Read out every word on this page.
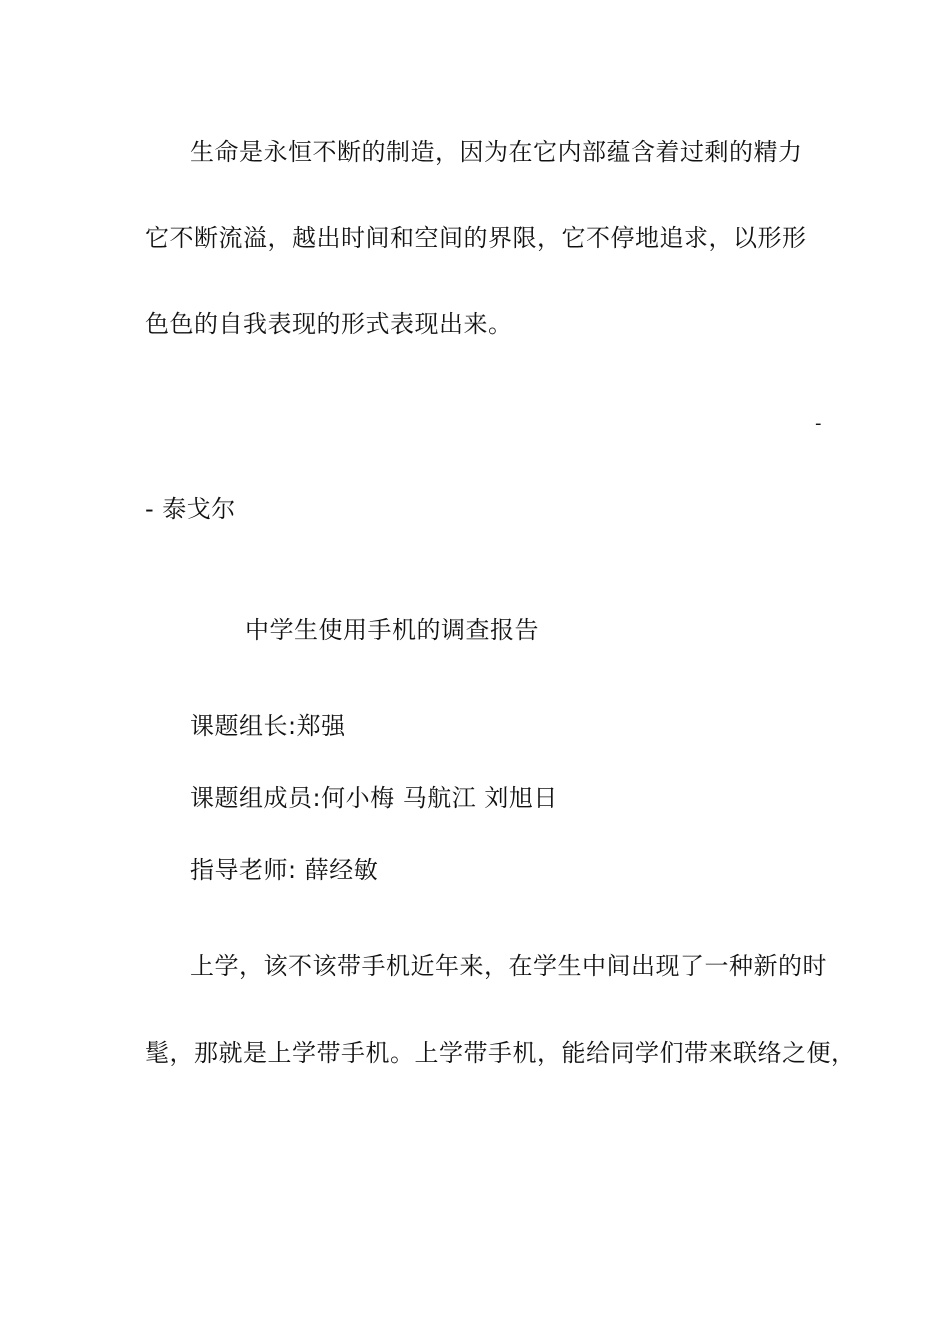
生命是永恒不断的制造，因为在它内部蕴含着过剩的精力
它不断流溢，越出时间和空间的界限，它不停地追求，以形形
色色的自我表现的形式表现出来。
-
- 泰戈尔
中学生使用手机的调查报告
课题组长:郑强
课题组成员:何小梅 马航江 刘旭日
指导老师: 薛经敏
上学，该不该带手机近年来，在学生中间出现了一种新的时
髦，那就是上学带手机。上学带手机，能给同学们带来联络之便，
